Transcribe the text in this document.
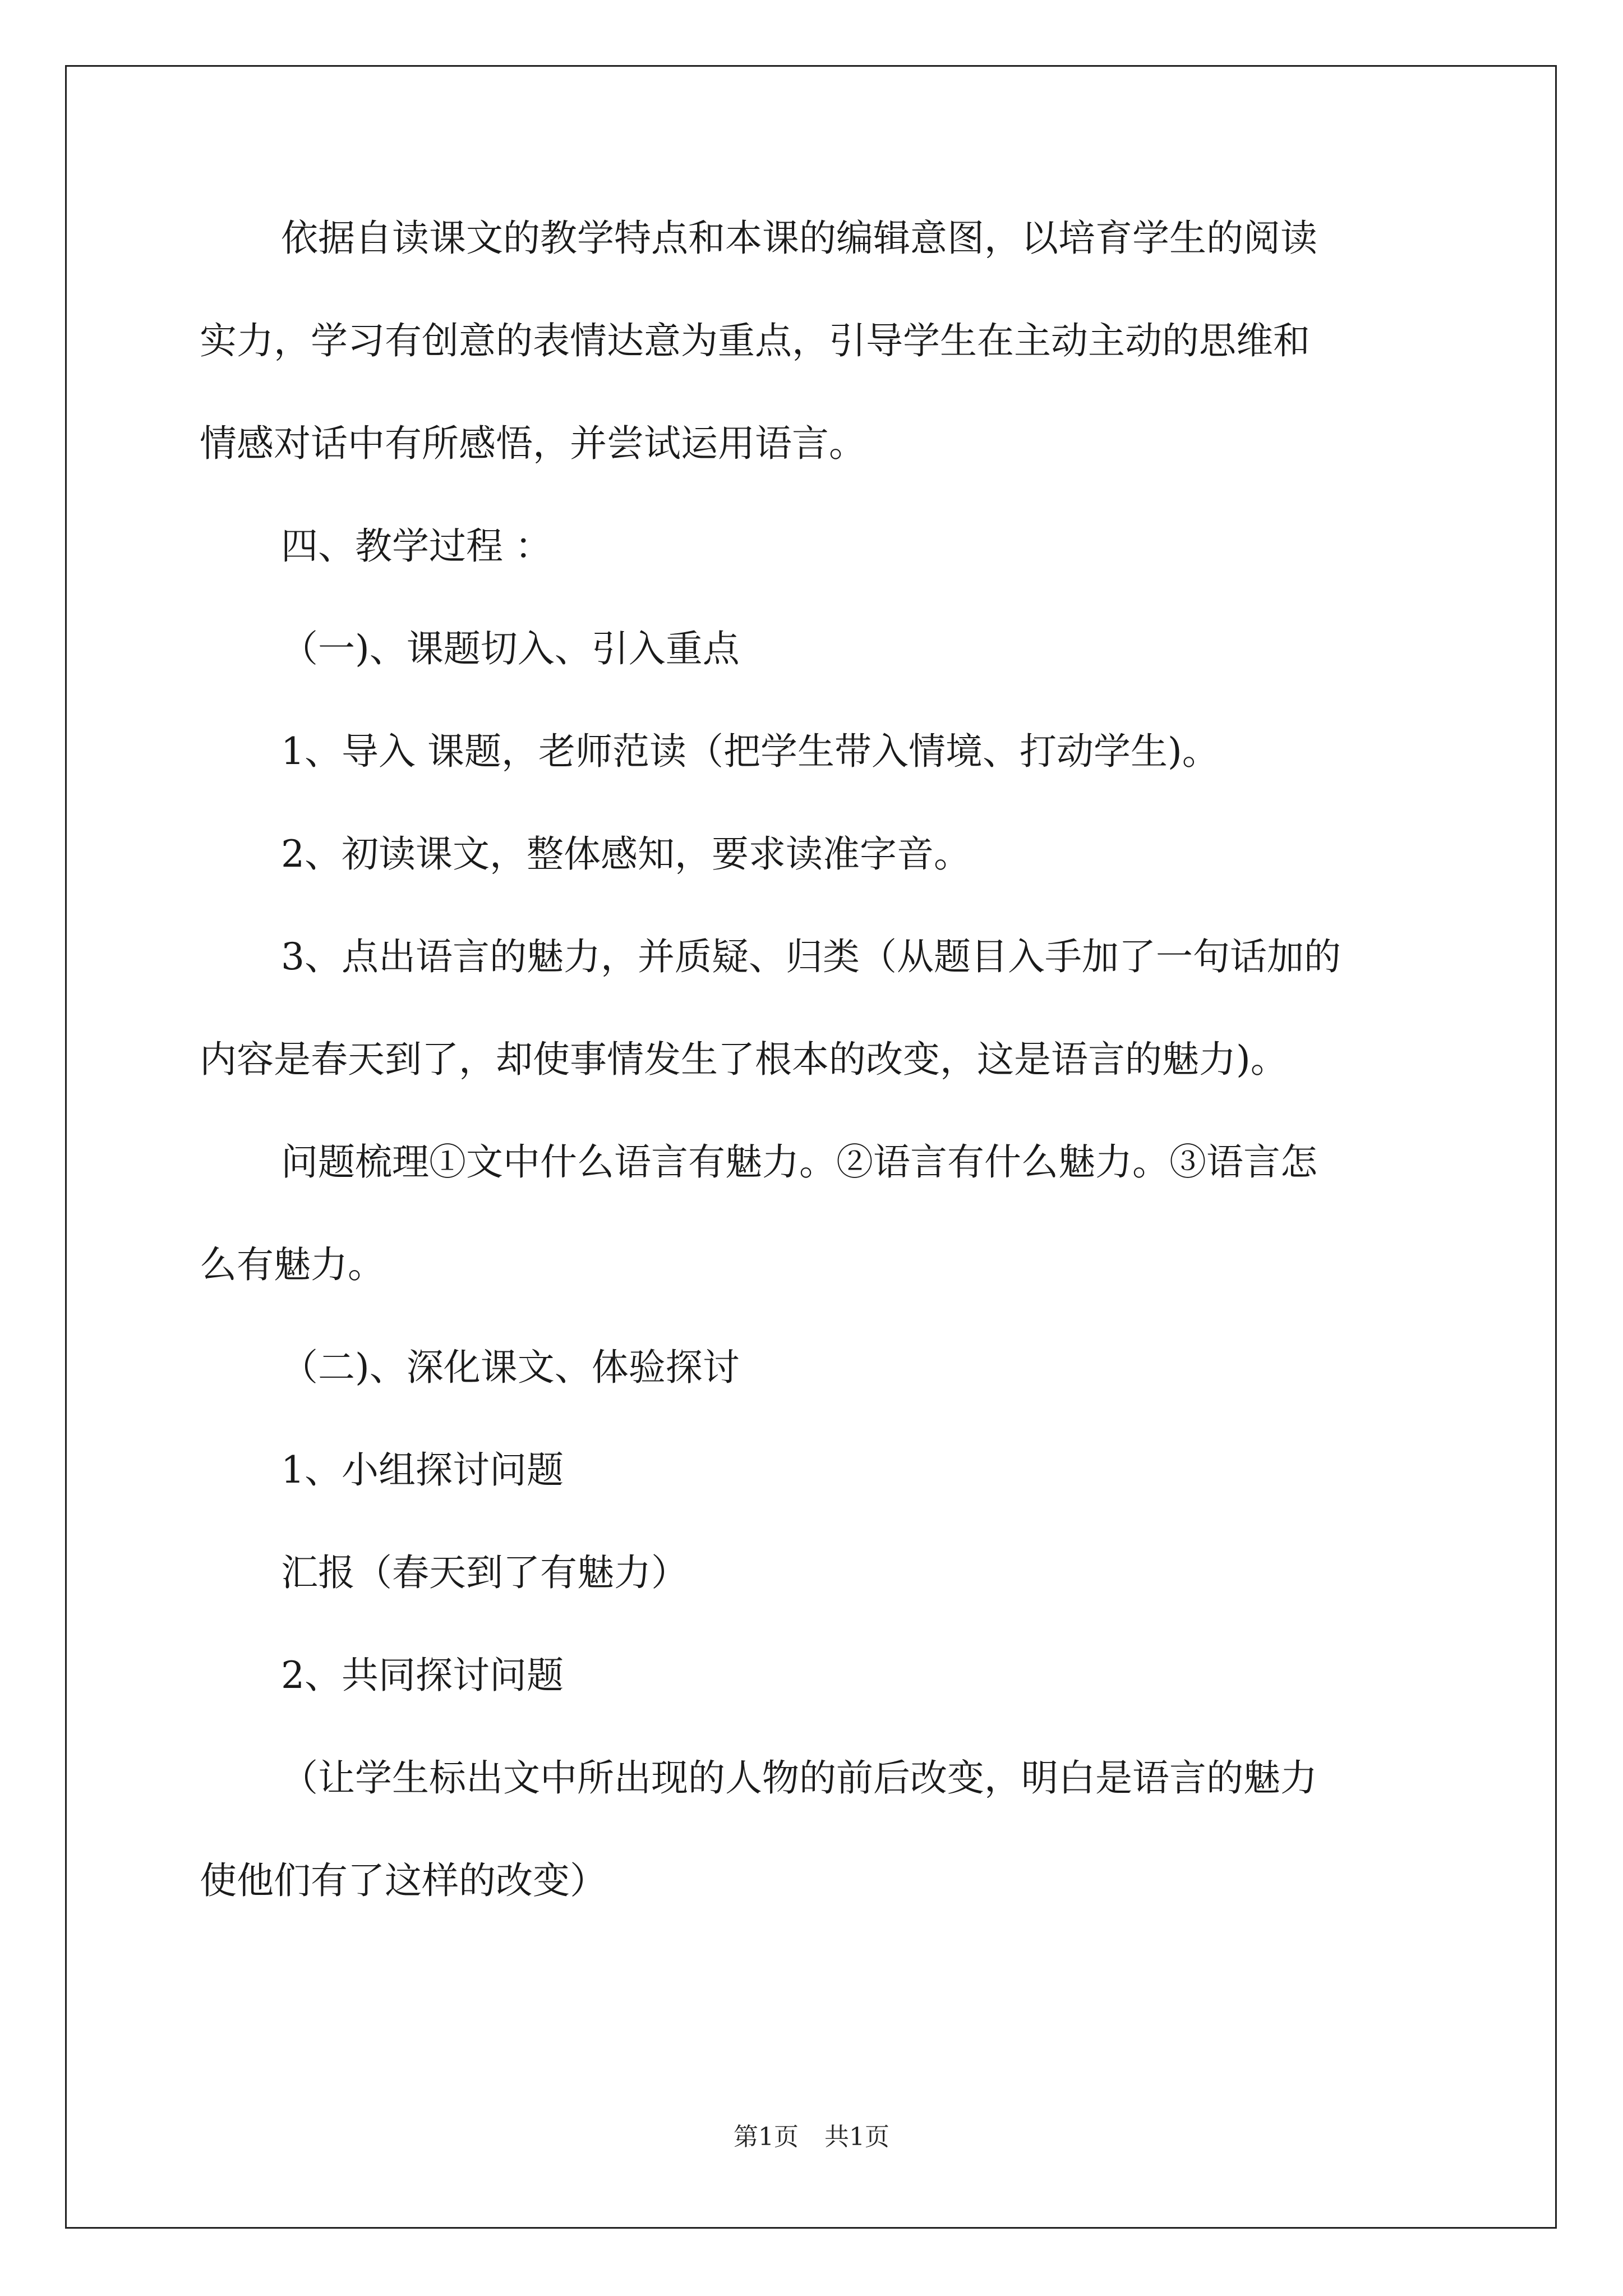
依据自读课文的教学特点和本课的编辑意图，以培育学生的阅读
实力，学习有创意的表情达意为重点，引导学生在主动主动的思维和
情感对话中有所感悟，并尝试运用语言。
四、教学过程 ：
（一)、课题切入、引入重点
1、导入 课题，老师范读（把学生带入情境、打动学生)。
2、初读课文，整体感知，要求读准字音。
3、点出语言的魅力，并质疑、归类（从题目入手加了一句话加的
内容是春天到了，却使事情发生了根本的改变，这是语言的魅力)。
问题梳理①文中什么语言有魅力。②语言有什么魅力。③语言怎
么有魅力。
（二)、深化课文、体验探讨
1、小组探讨问题
汇报（春天到了有魅力）
2、共同探讨问题
（让学生标出文中所出现的人物的前后改变，明白是语言的魅力
使他们有了这样的改变）
第1页 共1页
